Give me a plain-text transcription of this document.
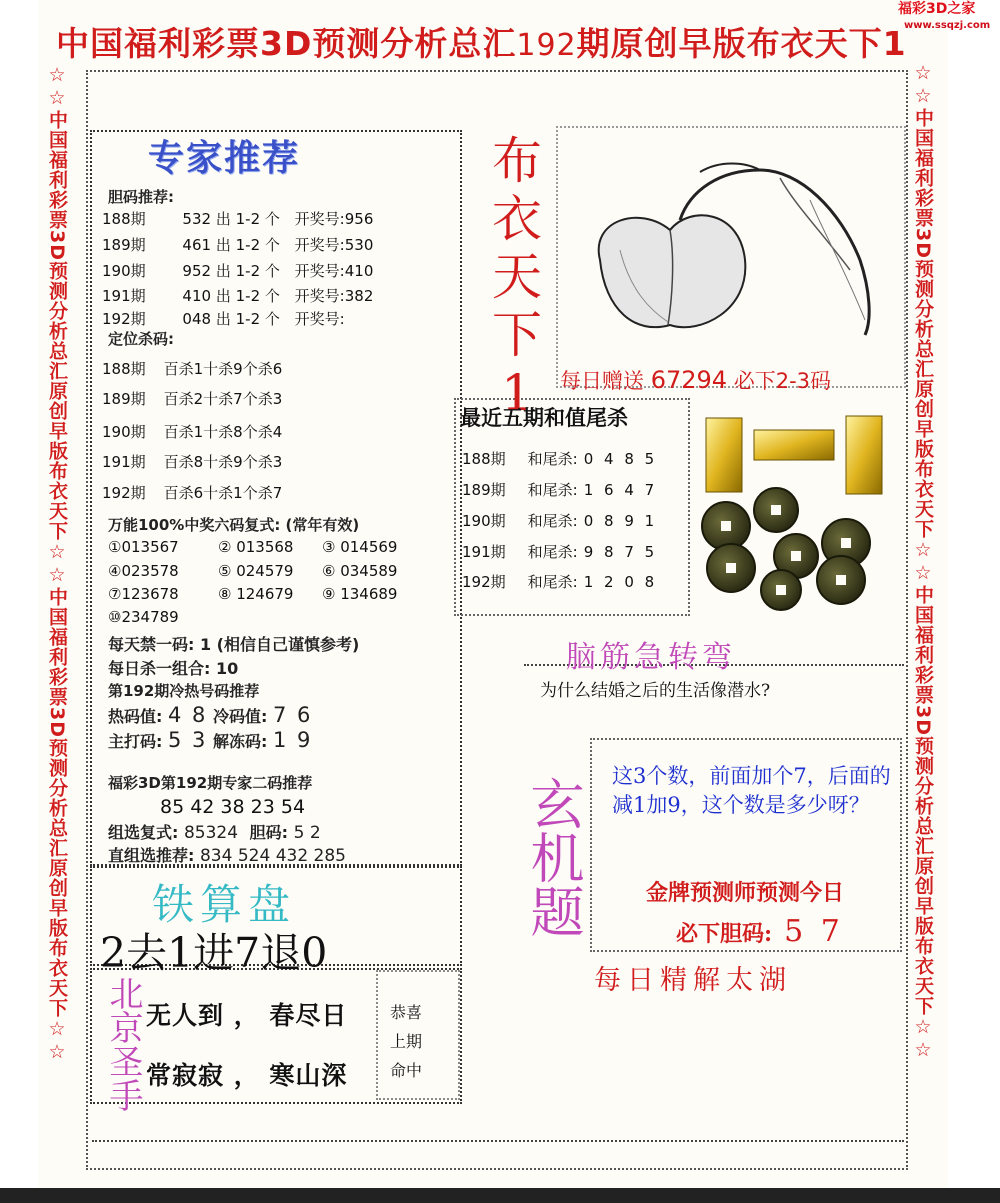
中国福利彩票3D预测分析总汇192期原创早版布衣天下1
福彩3D之家
www.ssqzj.com
☆☆中国福利彩票3D预测分析总汇原创早版布衣天下☆☆中国福利彩票3D预测分析总汇原创早版布衣天下☆☆	☆☆中国福利彩票3D预测分析总汇原创早版布衣天下☆☆中国福利彩票3D预测分析总汇原创早版布衣天下☆☆
专家推荐
胆码推荐:
188期 532 出 1-2 个 开奖号:956
189期 461 出 1-2 个 开奖号:530
190期 952 出 1-2 个 开奖号:410
191期 410 出 1-2 个 开奖号:382
192期 048 出 1-2 个 开奖号:
定位杀码:
188期 百杀1十杀9个杀6
189期 百杀2十杀7个杀3
190期 百杀1十杀8个杀4
191期 百杀8十杀9个杀3
192期 百杀6十杀1个杀7
万能100%中奖六码复式: (常年有效)
①013567	② 013568 ③ 014569
④023578	⑤ 024579 ⑥ 034589
⑦123678	⑧ 124679 ⑨ 134689
⑩234789
每天禁一码: 1 (相信自己谨慎参考)
每日杀一组合: 10
第192期冷热号码推荐
热码值: 4 8 冷码值: 7 6
主打码: 5 3 解冻码: 1 9
福彩3D第192期专家二码推荐
85 42 38 23 54
组选复式: 85324 胆码: 5 2
直组选推荐: 834 524 432 285
布衣天下1	每日赠送 67294 必下2-3码
最近五期和值尾杀
188期 和尾杀: 0 4 8 5
189期 和尾杀: 1 6 4 7
190期 和尾杀: 0 8 9 1
191期 和尾杀: 9 8 7 5
192期 和尾杀: 1 2 0 8
脑筋急转弯
为什么结婚之后的生活像潜水?
玄机题 这3个数，前面加个7，后面的减1加9，这个数是多少呀？
金牌预测师预测今日
必下胆码: 5 7
每日精解太湖
铁算盘
2去1进7退0
北京圣手 无人到 ， 春尽日
常寂寂 ， 寒山深
恭喜
上期
命中
